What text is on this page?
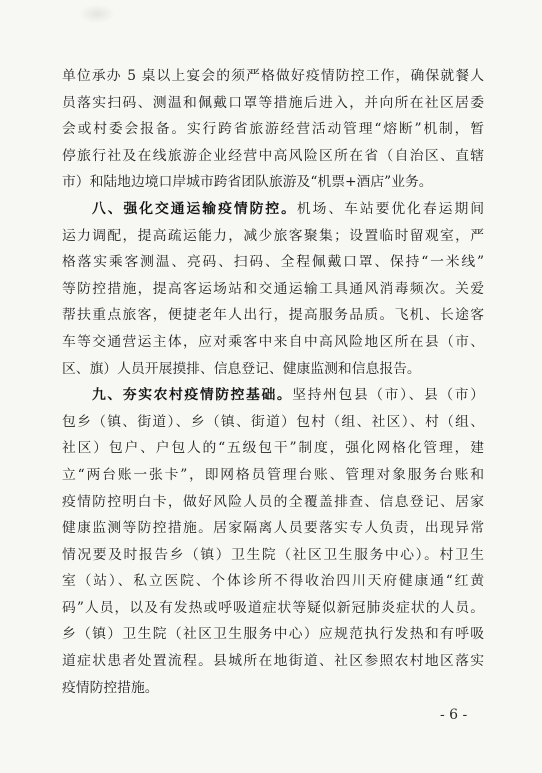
单位承办 5 桌以上宴会的须严格做好疫情防控工作，确保就餐人
员落实扫码、测温和佩戴口罩等措施后进入，并向所在社区居委
会或村委会报备。实行跨省旅游经营活动管理“熔断”机制，暂
停旅行社及在线旅游企业经营中高风险区所在省（自治区、直辖
市）和陆地边境口岸城市跨省团队旅游及“机票+酒店”业务。
八、强化交通运输疫情防控。机场、车站要优化春运期间
运力调配，提高疏运能力，减少旅客聚集；设置临时留观室，严
格落实乘客测温、亮码、扫码、全程佩戴口罩、保持“一米线”
等防控措施，提高客运场站和交通运输工具通风消毒频次。关爱
帮扶重点旅客，便捷老年人出行，提高服务品质。飞机、长途客
车等交通营运主体，应对乘客中来自中高风险地区所在县（市、
区、旗）人员开展摸排、信息登记、健康监测和信息报告。
九、夯实农村疫情防控基础。坚持州包县（市）、县（市）
包乡（镇、街道）、乡（镇、街道）包村（组、社区）、村（组、
社区）包户、户包人的“五级包干”制度，强化网格化管理，建
立“两台账一张卡”，即网格员管理台账、管理对象服务台账和
疫情防控明白卡，做好风险人员的全覆盖排查、信息登记、居家
健康监测等防控措施。居家隔离人员要落实专人负责，出现异常
情况要及时报告乡（镇）卫生院（社区卫生服务中心）。村卫生
室（站）、私立医院、个体诊所不得收治四川天府健康通“红黄
码”人员，以及有发热或呼吸道症状等疑似新冠肺炎症状的人员。
乡（镇）卫生院（社区卫生服务中心）应规范执行发热和有呼吸
道症状患者处置流程。县城所在地街道、社区参照农村地区落实
疫情防控措施。
- 6 -
